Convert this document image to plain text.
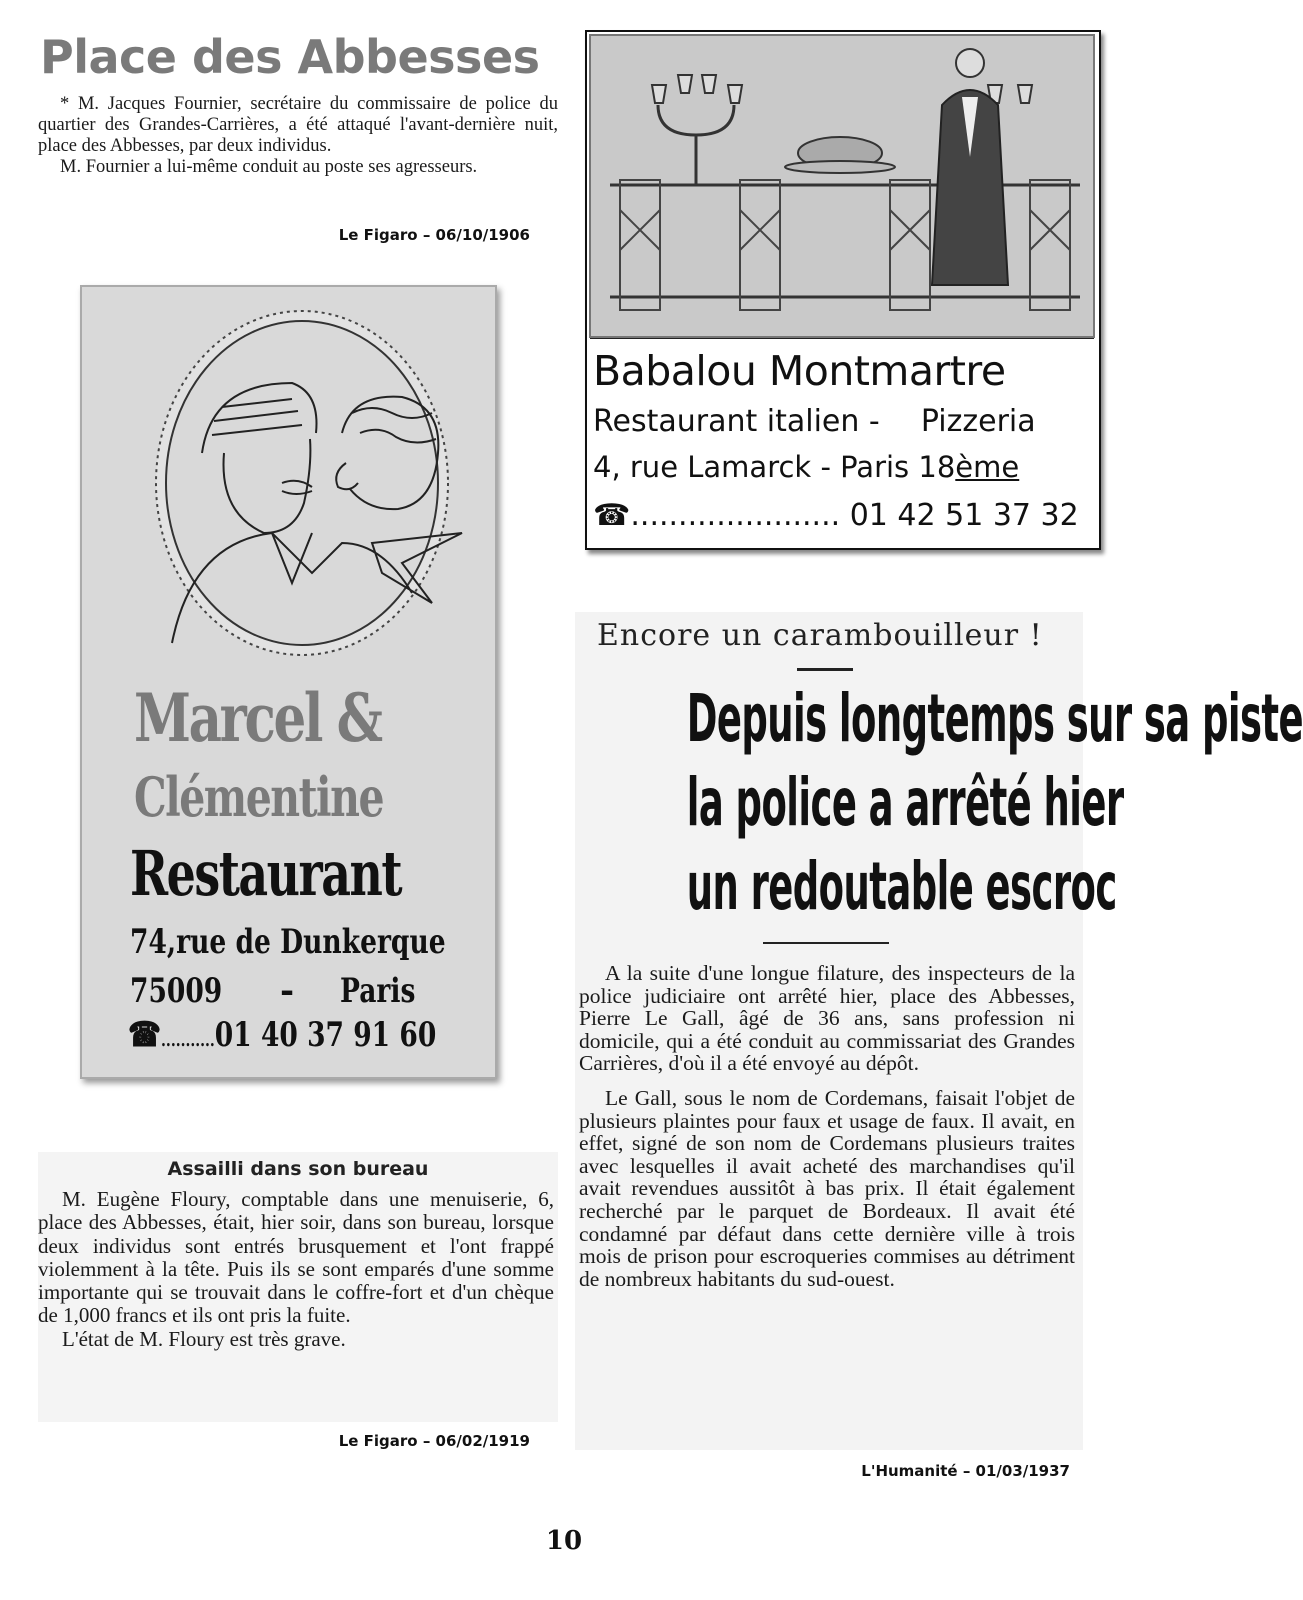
Place des Abbesses

* M. Jacques Fournier, secrétaire du commissaire de police du quartier des Grandes-Carrières, a été attaqué l'avant-dernière nuit, place des Abbesses, par deux individus.

M. Fournier a lui-même conduit au poste ses agresseurs.

Le Figaro – 06/10/1906
Babalou Montmartre
Restaurant italien - Pizzeria
4, rue Lamarck - Paris 18ème
☎...................... 01 42 51 37 32
Marcel &
Clémentine
Restaurant
74,rue de Dunkerque
75009 - Paris
☎...........01 40 37 91 60
Encore un carambouilleur !
Depuis longtemps sur sa piste
la police a arrêté hier
un redoutable escroc

A la suite d'une longue filature, des inspecteurs de la police judiciaire ont arrêté hier, place des Abbesses, Pierre Le Gall, âgé de 36 ans, sans profession ni domicile, qui a été conduit au commissariat des Grandes Carrières, d'où il a été envoyé au dépôt.

Le Gall, sous le nom de Cordemans, faisait l'objet de plusieurs plaintes pour faux et usage de faux. Il avait, en effet, signé de son nom de Cordemans plusieurs traites avec lesquelles il avait acheté des marchandises qu'il avait revendues aussitôt à bas prix. Il était également recherché par le parquet de Bordeaux. Il avait été condamné par défaut dans cette dernière ville à trois mois de prison pour escroqueries commises au détriment de nombreux habitants du sud-ouest.

L'Humanité – 01/03/1937
Assailli dans son bureau

M. Eugène Floury, comptable dans une menuiserie, 6, place des Abbesses, était, hier soir, dans son bureau, lorsque deux individus sont entrés brusquement et l'ont frappé violemment à la tête. Puis ils se sont emparés d'une somme importante qui se trouvait dans le coffre-fort et d'un chèque de 1,000 francs et ils ont pris la fuite.

L'état de M. Floury est très grave.

Le Figaro – 06/02/1919
10
